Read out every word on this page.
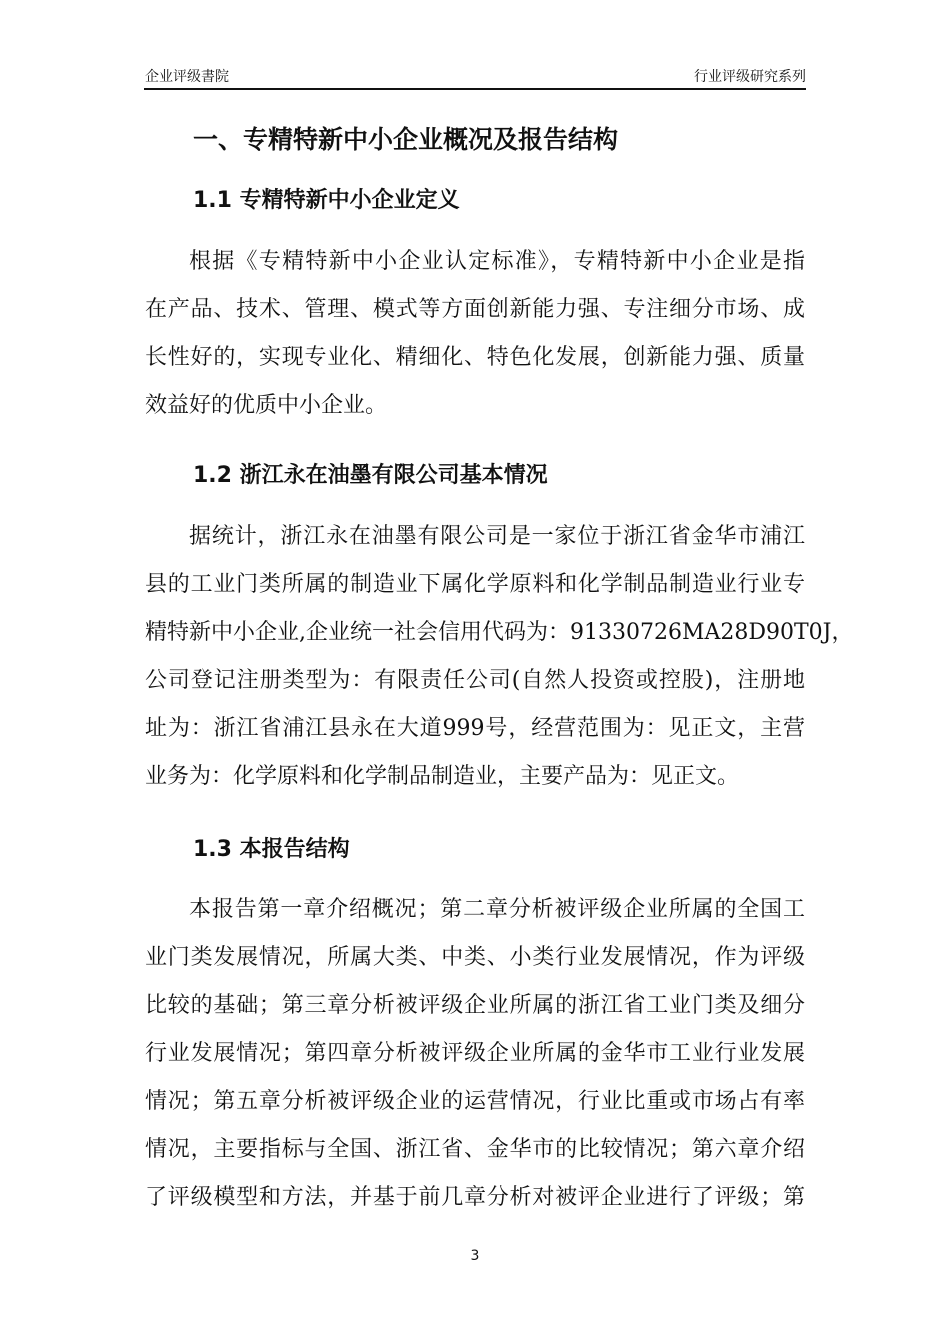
企业评级書院	行业评级研究系列
一、专精特新中小企业概况及报告结构
1.1 专精特新中小企业定义
根据《专精特新中小企业认定标准》，专精特新中小企业是指
在产品、技术、管理、模式等方面创新能力强、专注细分市场、成
长性好的，实现专业化、精细化、特色化发展，创新能力强、质量
效益好的优质中小企业。
1.2 浙江永在油墨有限公司基本情况
据统计，浙江永在油墨有限公司是一家位于浙江省金华市浦江
县的工业门类所属的制造业下属化学原料和化学制品制造业行业专
精特新中小企业,企业统一社会信用代码为：91330726MA28D90T0J，
公司登记注册类型为：有限责任公司(自然人投资或控股)，注册地
址为：浙江省浦江县永在大道999号，经营范围为：见正文，主营
业务为：化学原料和化学制品制造业，主要产品为：见正文。
1.3 本报告结构
本报告第一章介绍概况；第二章分析被评级企业所属的全国工
业门类发展情况，所属大类、中类、小类行业发展情况，作为评级
比较的基础；第三章分析被评级企业所属的浙江省工业门类及细分
行业发展情况；第四章分析被评级企业所属的金华市工业行业发展
情况；第五章分析被评级企业的运营情况，行业比重或市场占有率
情况，主要指标与全国、浙江省、金华市的比较情况；第六章介绍
了评级模型和方法，并基于前几章分析对被评企业进行了评级；第
3
